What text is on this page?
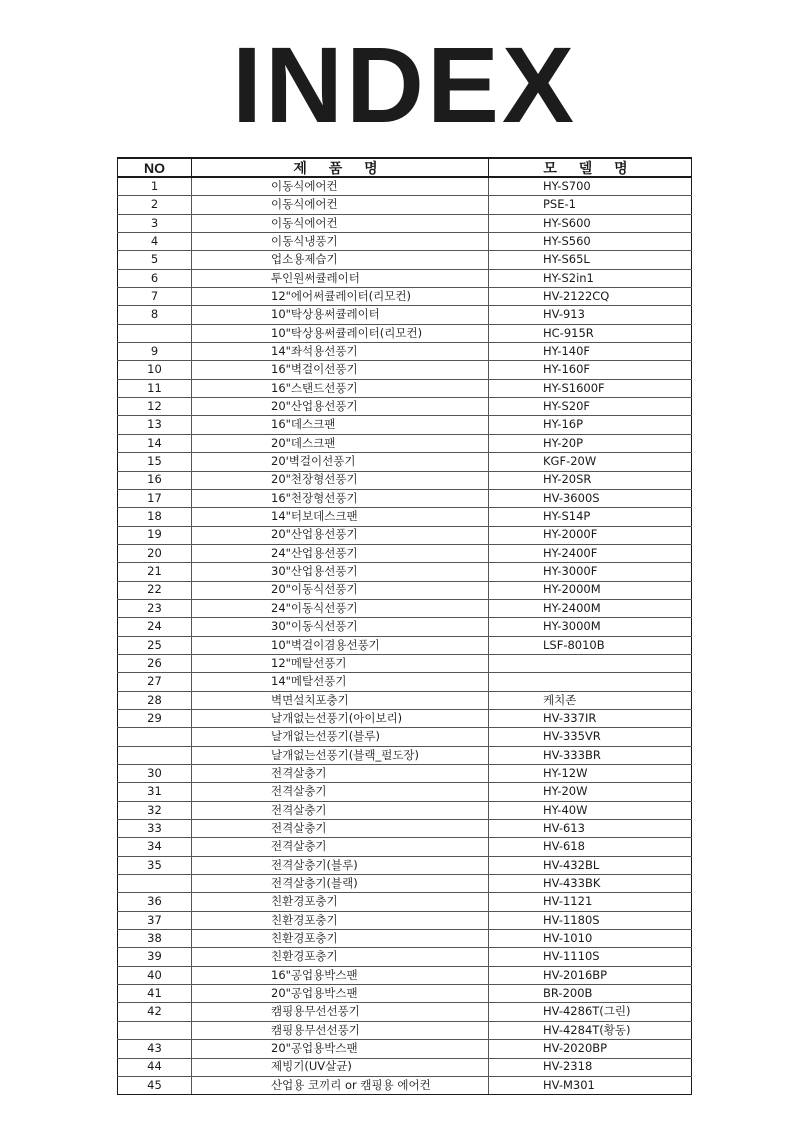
INDEX
NO	제 품 명	모 델 명
1	이동식에어컨	HY-S700
2	이동식에어컨	PSE-1
3	이동식에어컨	HY-S600
4	이동식냉풍기	HY-S560
5	업소용제습기	HY-S65L
6	투인원써큘레이터	HY-S2in1
7	12"에어써큘레이터(리모컨)	HV-2122CQ
8	10"탁상용써큘레이터	HV-913
	10"탁상용써큘레이터(리모컨)	HC-915R
9	14"좌석용선풍기	HY-140F
10	16"벽걸이선풍기	HY-160F
11	16"스탠드선풍기	HY-S1600F
12	20"산업용선풍기	HY-S20F
13	16"데스크팬	HY-16P
14	20"데스크팬	HY-20P
15	20'벽걸이선풍기	KGF-20W
16	20"천장형선풍기	HY-20SR
17	16"천장형선풍기	HV-3600S
18	14"터보데스크팬	HY-S14P
19	20"산업용선풍기	HY-2000F
20	24"산업용선풍기	HY-2400F
21	30"산업용선풍기	HY-3000F
22	20"이동식선풍기	HY-2000M
23	24"이동식선풍기	HY-2400M
24	30"이동식선풍기	HY-3000M
25	10"벽걸이겸용선풍기	LSF-8010B
26	12"메탈선풍기	
27	14"메탈선풍기	
28	벽면설치포충기	케치존
29	날개없는선풍기(아이보리)	HV-337IR
	날개없는선풍기(블루)	HV-335VR
	날개없는선풍기(블랙_펄도장)	HV-333BR
30	전격살충기	HY-12W
31	전격살충기	HY-20W
32	전격살충기	HY-40W
33	전격살충기	HV-613
34	전격살충기	HV-618
35	전격살충기(블루)	HV-432BL
	전격살충기(블랙)	HV-433BK
36	친환경포충기	HV-1121
37	친환경포충기	HV-1180S
38	친환경포충기	HV-1010
39	친환경포충기	HV-1110S
40	16"공업용박스팬	HV-2016BP
41	20"공업용박스팬	BR-200B
42	캠핑용무선선풍기	HV-4286T(그린)
	캠핑용무선선풍기	HV-4284T(황동)
43	20"공업용박스팬	HV-2020BP
44	제빙기(UV살균)	HV-2318
45	산업용 코끼리 or 캠핑용 에어컨	HV-M301
